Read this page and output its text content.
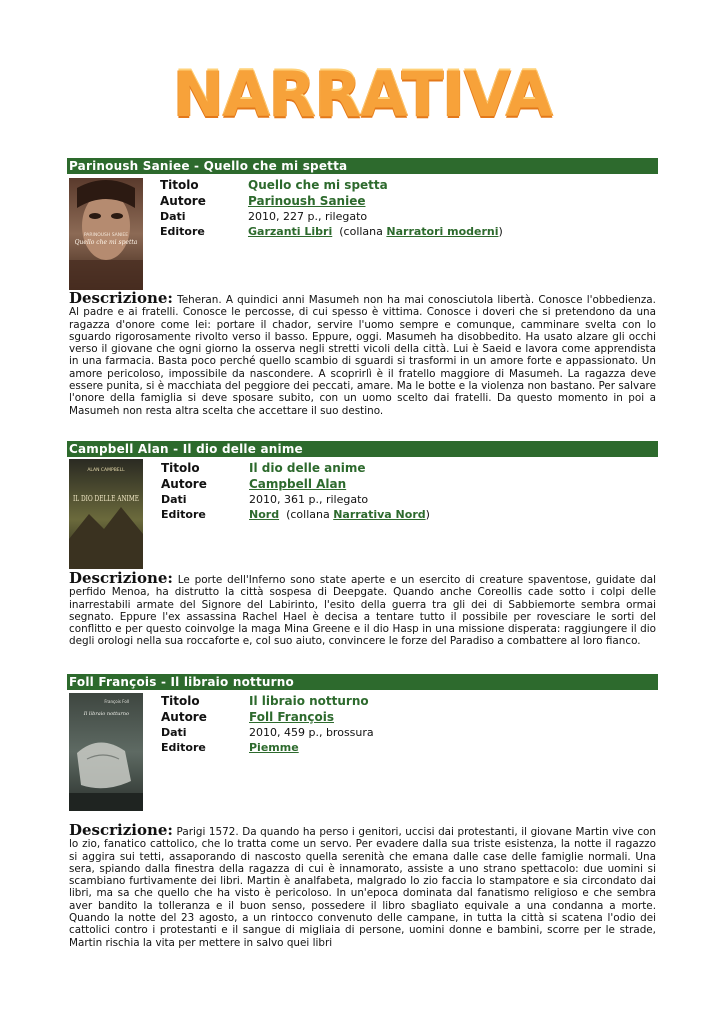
NARRATIVA
Parinoush Saniee - Quello che mi spetta
PARINOUSH SANIEE
Quello che mi spetta
Titolo	Quello che mi spetta
Autore	Parinoush Saniee
Dati	2010, 227 p., rilegato
Editore	Garzanti Libri (collana Narratori moderni)
Descrizione: Teheran. A quindici anni Masumeh non ha mai conosciutola libertà. Conosce l'obbedienza. Al padre e ai fratelli. Conosce le percosse, di cui spesso è vittima. Conosce i doveri che si pretendono da una ragazza d'onore come lei: portare il chador, servire l'uomo sempre e comunque, camminare svelta con lo sguardo rigorosamente rivolto verso il basso. Eppure, oggi. Masumeh ha disobbedito. Ha usato alzare gli occhi verso il giovane che ogni giorno la osserva negli stretti vicoli della città. Lui è Saeid e lavora come apprendista in una farmacia. Basta poco perché quello scambio di sguardi si trasformi in un amore forte e appassionato. Un amore pericoloso, impossibile da nascondere. A scoprirlì è il fratello maggiore di Masumeh. La ragazza deve essere punita, si è macchiata del peggiore dei peccati, amare. Ma le botte e la violenza non bastano. Per salvare l'onore della famiglia si deve sposare subito, con un uomo scelto dai fratelli. Da questo momento in poi a Masumeh non resta altra scelta che accettare il suo destino.
Campbell Alan - Il dio delle anime
ALAN CAMPBELL
IL DIO DELLE ANIME
Titolo	Il dio delle anime
Autore	Campbell Alan
Dati	2010, 361 p., rilegato
Editore	Nord (collana Narrativa Nord)
Descrizione: Le porte dell'Inferno sono state aperte e un esercito di creature spaventose, guidate dal perfido Menoa, ha distrutto la città sospesa di Deepgate. Quando anche Coreollis cade sotto i colpi delle inarrestabili armate del Signore del Labirinto, l'esito della guerra tra gli dei di Sabbiemorte sembra ormai segnato. Eppure l'ex assassina Rachel Hael è decisa a tentare tutto il possibile per rovesciare le sorti del conflitto e per questo coinvolge la maga Mina Greene e il dio Hasp in una missione disperata: raggiungere il dio degli orologi nella sua roccaforte e, col suo aiuto, convincere le forze del Paradiso a combattere al loro fianco.
Foll François - Il libraio notturno
François Foll
Il libraio notturno
Titolo	Il libraio notturno
Autore	Foll François
Dati	2010, 459 p., brossura
Editore	Piemme
Descrizione: Parigi 1572. Da quando ha perso i genitori, uccisi dai protestanti, il giovane Martin vive con lo zio, fanatico cattolico, che lo tratta come un servo. Per evadere dalla sua triste esistenza, la notte il ragazzo si aggira sui tetti, assaporando di nascosto quella serenità che emana dalle case delle famiglie normali. Una sera, spiando dalla finestra della ragazza di cui è innamorato, assiste a uno strano spettacolo: due uomini si scambiano furtivamente dei libri. Martin è analfabeta, malgrado lo zio faccia lo stampatore e sia circondato dai libri, ma sa che quello che ha visto è pericoloso. In un'epoca dominata dal fanatismo religioso e che sembra aver bandito la tolleranza e il buon senso, possedere il libro sbagliato equivale a una condanna a morte. Quando la notte del 23 agosto, a un rintocco convenuto delle campane, in tutta la città si scatena l'odio dei cattolici contro i protestanti e il sangue di migliaia di persone, uomini donne e bambini, scorre per le strade, Martin rischia la vita per mettere in salvo quei libri
